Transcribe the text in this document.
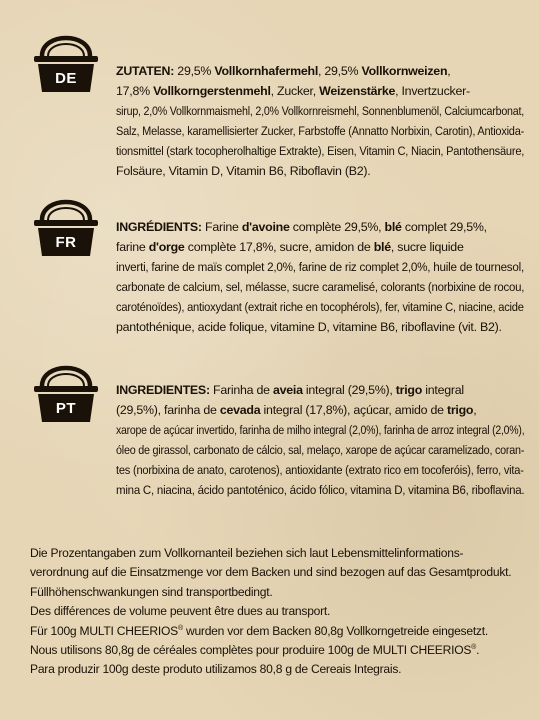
DE	ZUTATEN: 29,5% Vollkornhafermehl, 29,5% Vollkornweizen,
17,8% Vollkorngerstenmehl, Zucker, Weizenstärke, Invertzucker-
sirup, 2,0% Vollkornmaismehl, 2,0% Vollkornreismehl, Sonnenblumenöl, Calciumcarbonat,
Salz, Melasse, karamellisierter Zucker, Farbstoffe (Annatto Norbixin, Carotin), Antioxida-
tionsmittel (stark tocopherolhaltige Extrakte), Eisen, Vitamin C, Niacin, Pantothensäure,
Folsäure, Vitamin D, Vitamin B6, Riboflavin (B2).
FR
INGRÉDIENTS: Farine d'avoine complète 29,5%, blé complet 29,5%,
farine d'orge complète 17,8%, sucre, amidon de blé, sucre liquide
inverti, farine de maïs complet 2,0%, farine de riz complet 2,0%, huile de tournesol,
carbonate de calcium, sel, mélasse, sucre caramelisé, colorants (norbixine de rocou,
caroténoïdes), antioxydant (extrait riche en tocophérols), fer, vitamine C, niacine, acide
pantothénique, acide folique, vitamine D, vitamine B6, riboflavine (vit. B2).
PT
INGREDIENTES: Farinha de aveia integral (29,5%), trigo integral
(29,5%), farinha de cevada integral (17,8%), açúcar, amido de trigo,
xarope de açúcar invertido, farinha de milho integral (2,0%), farinha de arroz integral (2,0%),
óleo de girassol, carbonato de cálcio, sal, melaço, xarope de açúcar caramelizado, coran-
tes (norbixina de anato, carotenos), antioxidante (extrato rico em tocoferóis), ferro, vita-
mina C, niacina, ácido pantoténico, ácido fólico, vitamina D, vitamina B6, riboflavina.
Die Prozentangaben zum Vollkornanteil beziehen sich laut Lebensmittelinformations-
verordnung auf die Einsatzmenge vor dem Backen und sind bezogen auf das Gesamtprodukt.
Füllhöhenschwankungen sind transportbedingt.
Des différences de volume peuvent être dues au transport.
Für 100g MULTI CHEERIOS® wurden vor dem Backen 80,8g Vollkorngetreide eingesetzt.
Nous utilisons 80,8g de céréales complètes pour produire 100g de MULTI CHEERIOS®.
Para produzir 100g deste produto utilizamos 80,8 g de Cereais Integrais.
